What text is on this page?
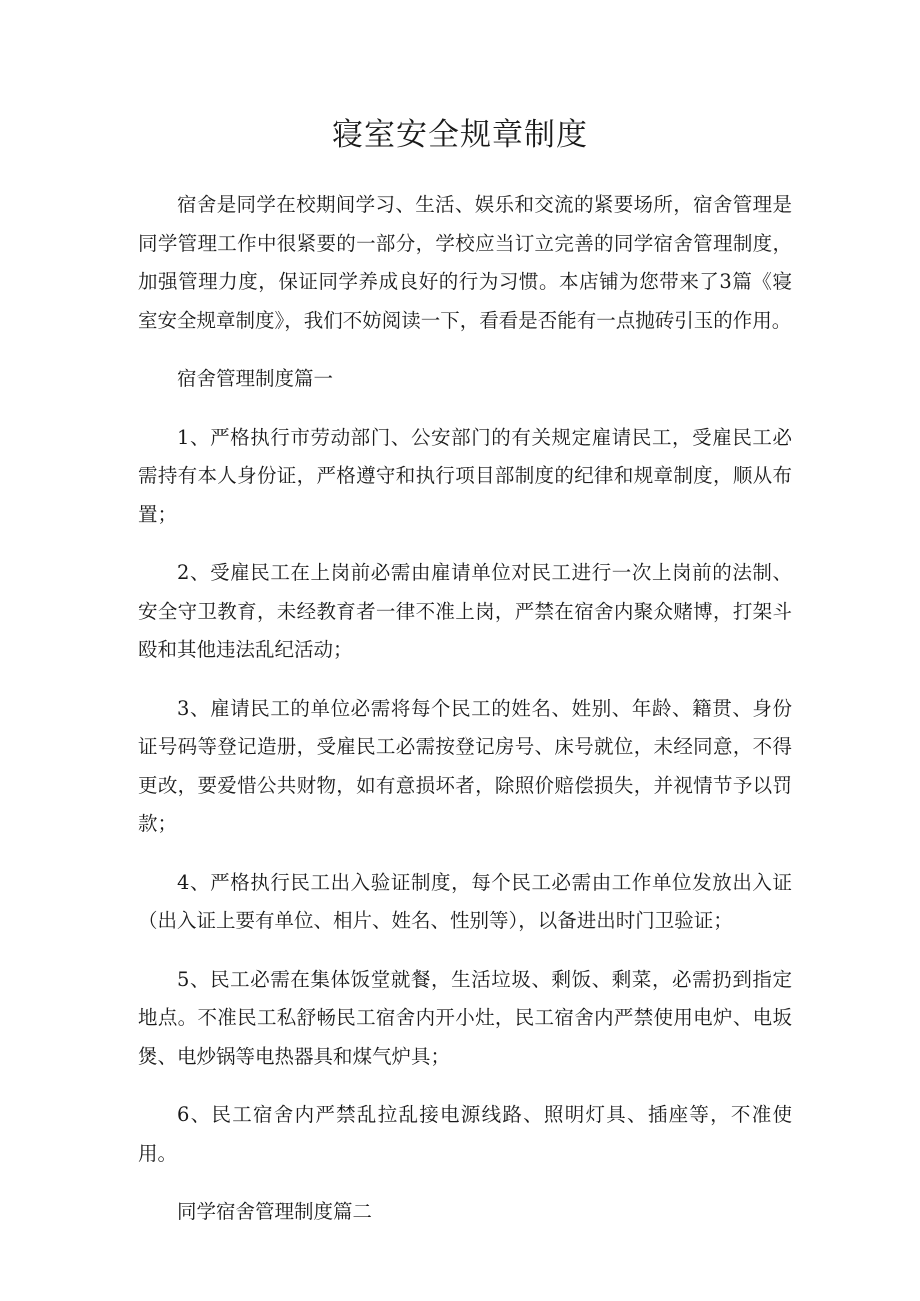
寝室安全规章制度

宿舍是同学在校期间学习、生活、娱乐和交流的紧要场所，宿舍管理是同学管理工作中很紧要的一部分，学校应当订立完善的同学宿舍管理制度，加强管理力度，保证同学养成良好的行为习惯。本店铺为您带来了3篇《寝室安全规章制度》，我们不妨阅读一下，看看是否能有一点抛砖引玉的作用。

宿舍管理制度篇一

1、严格执行市劳动部门、公安部门的有关规定雇请民工，受雇民工必需持有本人身份证，严格遵守和执行项目部制度的纪律和规章制度，顺从布置；

2、受雇民工在上岗前必需由雇请单位对民工进行一次上岗前的法制、安全守卫教育，未经教育者一律不准上岗，严禁在宿舍内聚众赌博，打架斗殴和其他违法乱纪活动；

3、雇请民工的单位必需将每个民工的姓名、姓别、年龄、籍贯、身份证号码等登记造册，受雇民工必需按登记房号、床号就位，未经同意，不得更改，要爱惜公共财物，如有意损坏者，除照价赔偿损失，并视情节予以罚款；

4、严格执行民工出入验证制度，每个民工必需由工作单位发放出入证（出入证上要有单位、相片、姓名、性别等），以备进出时门卫验证；

5、民工必需在集体饭堂就餐，生活垃圾、剩饭、剩菜，必需扔到指定地点。不准民工私舒畅民工宿舍内开小灶，民工宿舍内严禁使用电炉、电坂煲、电炒锅等电热器具和煤气炉具；

6、民工宿舍内严禁乱拉乱接电源线路、照明灯具、插座等，不准使用。

同学宿舍管理制度篇二
